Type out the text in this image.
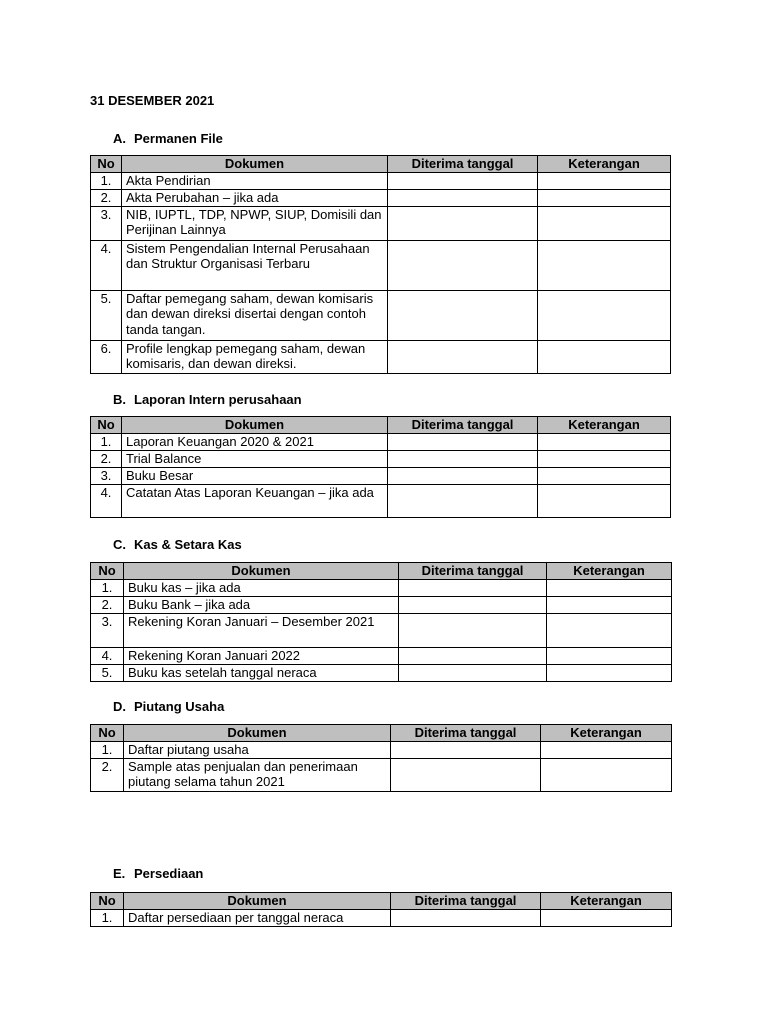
31 DESEMBER 2021
A. Permanen File
No	Dokumen	Diterima tanggal	Keterangan
1.	Akta Pendirian		
2.	Akta Perubahan – jika ada		
3.	NIB, IUPTL, TDP, NPWP, SIUP, Domisili dan Perijinan Lainnya		
4.	Sistem Pengendalian Internal Perusahaan dan Struktur Organisasi Terbaru		
5.	Daftar pemegang saham, dewan komisaris dan dewan direksi disertai dengan contoh tanda tangan.		
6.	Profile lengkap pemegang saham, dewan komisaris, dan dewan direksi.		
B. Laporan Intern perusahaan
No	Dokumen	Diterima tanggal	Keterangan
1.	Laporan Keuangan 2020 & 2021		
2.	Trial Balance		
3.	Buku Besar		
4.	Catatan Atas Laporan Keuangan – jika ada		
C. Kas & Setara Kas
No	Dokumen	Diterima tanggal	Keterangan
1.	Buku kas – jika ada		
2.	Buku Bank – jika ada		
3.	Rekening Koran Januari – Desember 2021		
4.	Rekening Koran Januari 2022		
5.	Buku kas setelah tanggal neraca		
D. Piutang Usaha
No	Dokumen	Diterima tanggal	Keterangan
1.	Daftar piutang usaha		
2.	Sample atas penjualan dan penerimaan piutang selama tahun 2021		
E. Persediaan
No	Dokumen	Diterima tanggal	Keterangan
1.	Daftar persediaan per tanggal neraca		
